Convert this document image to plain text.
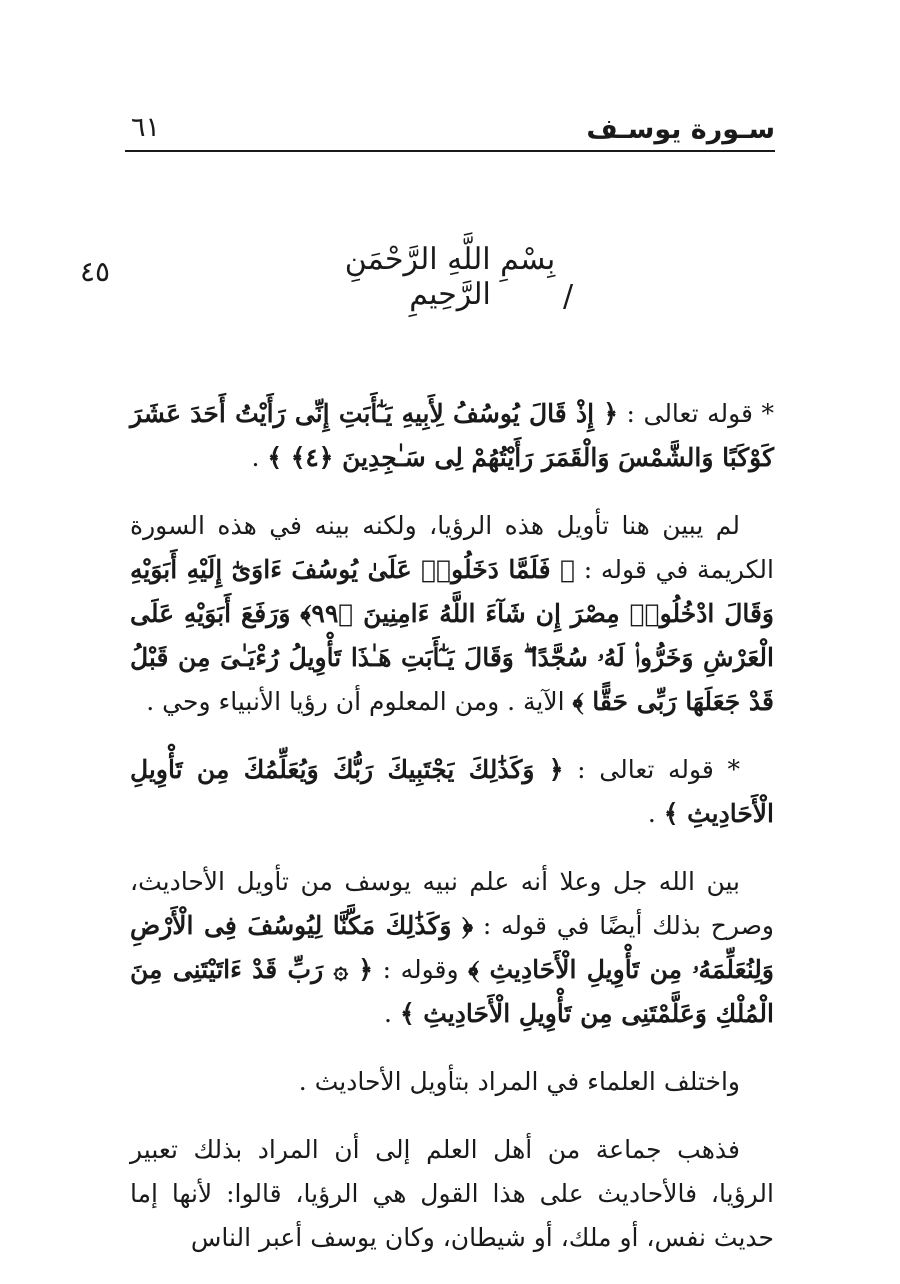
سـورة يوسـف
٦١
٤٥	بِسْمِ اللَّهِ الرَّحْمَنِ الرَّحِيمِ	/

* قوله تعالى : ﴿ إِذْ قَالَ يُوسُفُ لِأَبِيهِ يَـٰٓأَبَتِ إِنِّى رَأَيْتُ أَحَدَ عَشَرَ كَوْكَبًا وَالشَّمْسَ وَالْقَمَرَ رَأَيْتُهُمْ لِى سَـٰجِدِينَ ﴿٤﴾ ﴾ .

لم يبين هنا تأويل هذه الرؤيا، ولكنه بينه في هذه السورة الكريمة في قوله : ﴿ فَلَمَّا دَخَلُوا۟ عَلَىٰ يُوسُفَ ءَاوَىٰٓ إِلَيْهِ أَبَوَيْهِ وَقَالَ ادْخُلُوا۟ مِصْرَ إِن شَآءَ اللَّهُ ءَامِنِينَ ﴿٩٩﴾ وَرَفَعَ أَبَوَيْهِ عَلَى الْعَرْشِ وَخَرُّوا۟ لَهُۥ سُجَّدًا ۖ وَقَالَ يَـٰٓأَبَتِ هَـٰذَا تَأْوِيلُ رُءْيَـٰىَ مِن قَبْلُ قَدْ جَعَلَهَا رَبِّى حَقًّا ﴾ الآية . ومن المعلوم أن رؤيا الأنبياء وحي .

* قوله تعالى : ﴿ وَكَذَٰلِكَ يَجْتَبِيكَ رَبُّكَ وَيُعَلِّمُكَ مِن تَأْوِيلِ الْأَحَادِيثِ ﴾ .

بين الله جل وعلا أنه علم نبيه يوسف من تأويل الأحاديث، وصرح بذلك أيضًا في قوله : ﴿ وَكَذَٰلِكَ مَكَّنَّا لِيُوسُفَ فِى الْأَرْضِ وَلِنُعَلِّمَهُۥ مِن تَأْوِيلِ الْأَحَادِيثِ ﴾ وقوله : ﴿ ۞ رَبِّ قَدْ ءَاتَيْتَنِى مِنَ الْمُلْكِ وَعَلَّمْتَنِى مِن تَأْوِيلِ الْأَحَادِيثِ ﴾ .

واختلف العلماء في المراد بتأويل الأحاديث .

فذهب جماعة من أهل العلم إلى أن المراد بذلك تعبير الرؤيا، فالأحاديث على هذا القول هي الرؤيا، قالوا: لأنها إما حديث نفس، أو ملك، أو شيطان، وكان يوسف أعبر الناس
